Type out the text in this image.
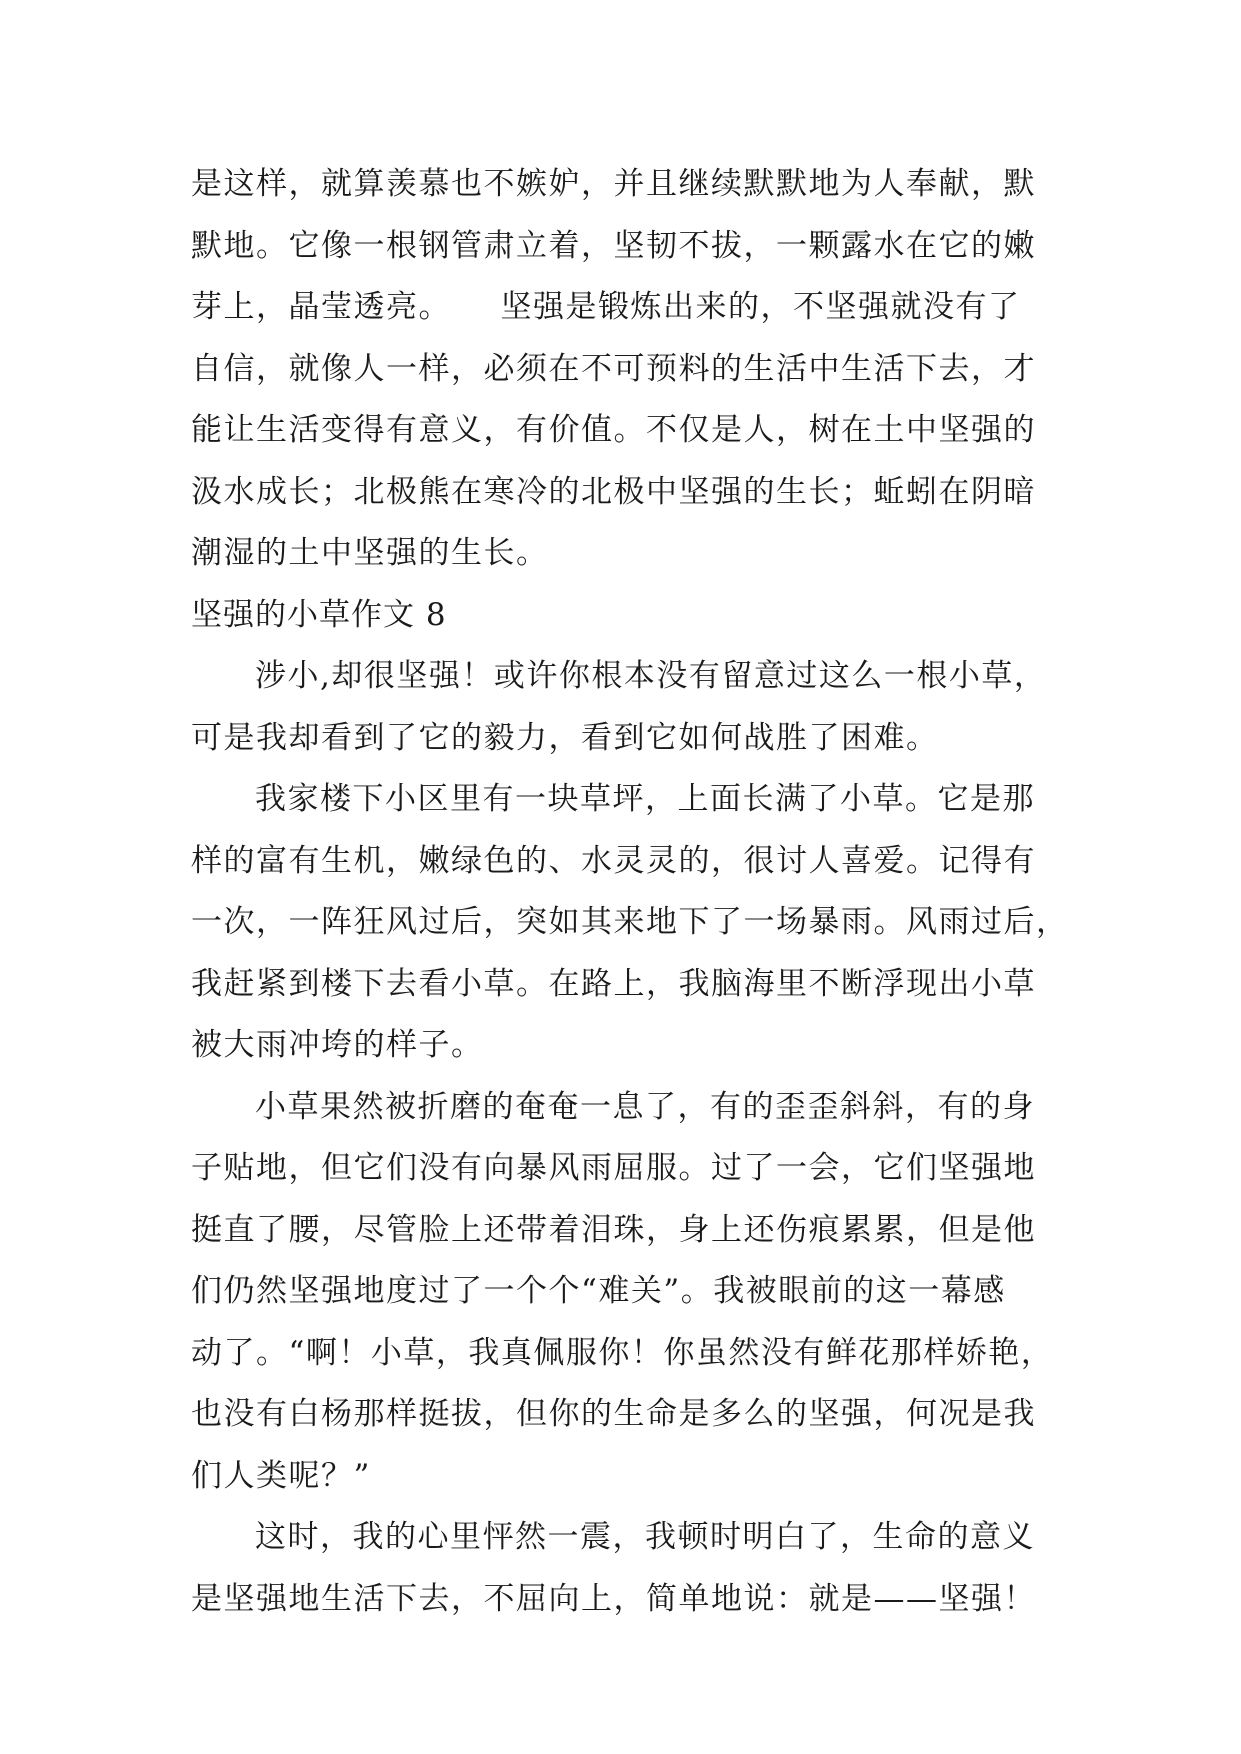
是这样，就算羡慕也不嫉妒，并且继续默默地为人奉献，默
默地。它像一根钢管肃立着，坚韧不拔，一颗露水在它的嫩
芽上，晶莹透亮。　　坚强是锻炼出来的，不坚强就没有了
自信，就像人一样，必须在不可预料的生活中生活下去，才
能让生活变得有意义，有价值。不仅是人，树在土中坚强的
汲水成长；北极熊在寒冷的北极中坚强的生长；蚯蚓在阴暗
潮湿的土中坚强的生长。
坚强的小草作文 8
涉小,却很坚强！或许你根本没有留意过这么一根小草，
可是我却看到了它的毅力，看到它如何战胜了困难。
我家楼下小区里有一块草坪，上面长满了小草。它是那
样的富有生机，嫩绿色的、水灵灵的，很讨人喜爱。记得有
一次，一阵狂风过后，突如其来地下了一场暴雨。风雨过后，
我赶紧到楼下去看小草。在路上，我脑海里不断浮现出小草
被大雨冲垮的样子。
小草果然被折磨的奄奄一息了，有的歪歪斜斜，有的身
子贴地，但它们没有向暴风雨屈服。过了一会，它们坚强地
挺直了腰，尽管脸上还带着泪珠，身上还伤痕累累，但是他
们仍然坚强地度过了一个个“难关”。我被眼前的这一幕感
动了。“啊！小草，我真佩服你！你虽然没有鲜花那样娇艳，
也没有白杨那样挺拔，但你的生命是多么的坚强，何况是我
们人类呢？”
这时，我的心里怦然一震，我顿时明白了，生命的意义
是坚强地生活下去，不屈向上，简单地说：就是——坚强！
